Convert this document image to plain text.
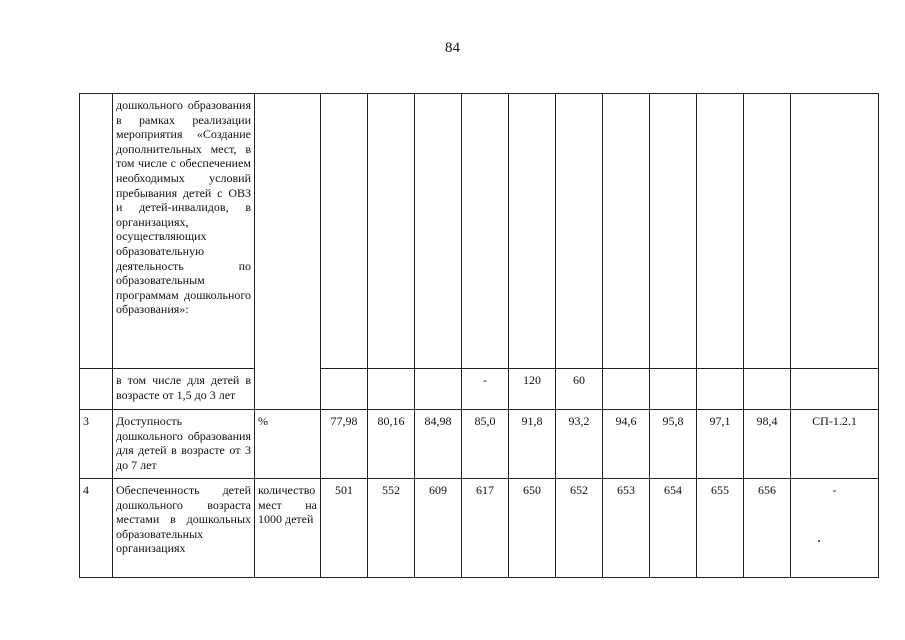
84
	дошкольного образования в рамках реализации мероприятия «Создание дополнительных мест, в том числе с обеспечением необходимых условий пребывания детей с ОВЗ и детей-инвалидов, в организациях, осуществляющих образовательную деятельность по образовательным программам дошкольного образования»:												
	в том числе для детей в возрасте от 1,5 до 3 лет					-	120	60					
3	Доступность дошкольного образования для детей в возрасте от 3 до 7 лет	%	77,98	80,16	84,98	85,0	91,8	93,2	94,6	95,8	97,1	98,4	СП-1.2.1
4	Обеспеченность детей дошкольного возраста местами в дошкольных образовательных организациях	количество мест на 1000 детей	501	552	609	617	650	652	653	654	655	656	-
